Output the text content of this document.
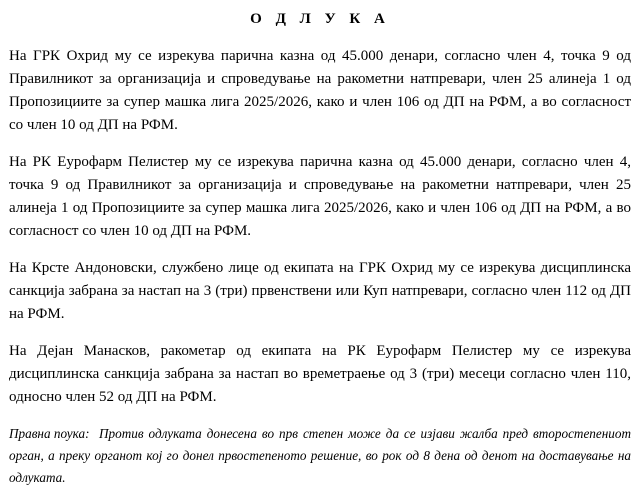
О Д Л У К А

На ГРК Охрид му се изрекува парична казна од 45.000 денари, согласно член 4, точка 9 од Правилникот за организација и спроведување на ракометни натпревари, член 25 алинеја 1 од Пропозициите за супер машка лига 2025/2026, како и член 106 од ДП на РФМ, а во согласност со член 10 од ДП на РФМ.

На РК Еурофарм Пелистер му се изрекува парична казна од 45.000 денари, согласно член 4, точка 9 од Правилникот за организација и спроведување на ракометни натпревари, член 25 алинеја 1 од Пропозициите за супер машка лига 2025/2026, како и член 106 од ДП на РФМ, а во согласност со член 10 од ДП на РФМ.

На Крсте Андоновски, службено лице од екипата на ГРК Охрид му се изрекува дисциплинска санкција забрана за настап на 3 (три) првенствени или Куп натпревари, согласно член 112 од ДП на РФМ.

На Дејан Манасков, ракометар од екипата на РК Еурофарм Пелистер му се изрекува дисциплинска санкција забрана за настап во времетраење од 3 (три) месеци согласно член 110, односно член 52 од ДП на РФМ.

Правна поука: Против одлуката донесена во прв степен може да се изјави жалба пред второстепениот орган, а преку органот кој го донел првостепенoто решение, во рок од 8 дена од денот на доставување на одлуката.
